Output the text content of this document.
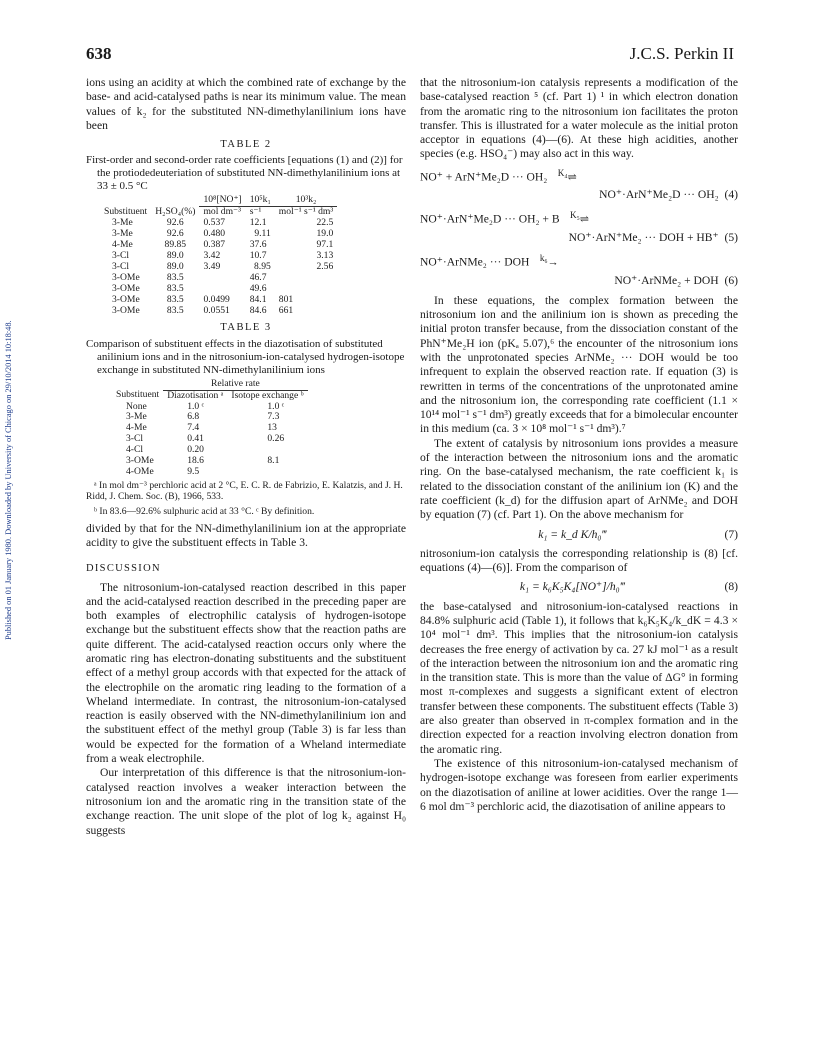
Published on 01 January 1980. Downloaded by University of Chicago on 29/10/2014 10:18:48.
638	J.C.S. Perkin II

ions using an acidity at which the combined rate of exchange by the base- and acid-catalysed paths is near its minimum value. The mean values of k₂ for the substituted NN-dimethylanilinium ions have been

TABLE 2

First-order and second-order rate coefficients [equations (1) and (2)] for the protiodedeuteriation of substituted NN-dimethylanilinium ions at 33 ± 0.5 °C

		10⁸[NO⁺]	10⁵k₁	10³k₂
Substituent	H₂SO₄(%)	mol dm⁻³	s⁻¹	mol⁻¹ s⁻¹ dm³
3-Me	92.6	0.537	12.1	22.5
3-Me	92.6	0.480	9.11	19.0
4-Me	89.85	0.387	37.6	97.1
3-Cl	89.0	3.42	10.7	3.13
3-Cl	89.0	3.49	8.95	2.56
3-OMe	83.5		46.7	
3-OMe	83.5		49.6	
3-OMe	83.5	0.0499	84.1	801
3-OMe	83.5	0.0551	84.6	661
TABLE 3

Comparison of substituent effects in the diazotisation of substituted anilinium ions and in the nitrosonium-ion-catalysed hydrogen-isotope exchange in substituted NN-dimethylanilinium ions

	Relative rate	
Substituent	Diazotisation ᵃ	Isotope exchange ᵇ
None	1.0 ᶜ	1.0 ᶜ
3-Me	6.8	7.3
4-Me	7.4	13
3-Cl	0.41	0.26
4-Cl	0.20	
3-OMe	18.6	8.1
4-OMe	9.5	

ᵃ In mol dm⁻³ perchloric acid at 2 °C, E. C. R. de Fabrizio, E. Kalatzis, and J. H. Ridd, J. Chem. Soc. (B), 1966, 533.

ᵇ In 83.6—92.6% sulphuric acid at 33 °C. ᶜ By definition.

divided by that for the NN-dimethylanilinium ion at the appropriate acidity to give the substituent effects in Table 3.

DISCUSSION

The nitrosonium-ion-catalysed reaction described in this paper and the acid-catalysed reaction described in the preceding paper are both examples of electrophilic catalysis of hydrogen-isotope exchange but the substituent effects show that the reaction paths are quite different. The acid-catalysed reaction occurs only where the aromatic ring has electron-donating substituents and the substituent effect of a methyl group accords with that expected for the attack of the electrophile on the aromatic ring leading to the formation of a Wheland intermediate. In contrast, the nitrosonium-ion-catalysed reaction is easily observed with the NN-dimethylanilinium ion and the substituent effect of the methyl group (Table 3) is far less than would be expected for the formation of a Wheland intermediate from a weak electrophile.

Our interpretation of this difference is that the nitrosonium-ion-catalysed reaction involves a weaker interaction between the nitrosonium ion and the aromatic ring in the transition state of the exchange reaction. The unit slope of the plot of log k₂ against H₀ suggests

that the nitrosonium-ion catalysis represents a modification of the base-catalysed reaction ⁵ (cf. Part 1) ¹ in which electron donation from the aromatic ring to the nitrosonium ion facilitates the proton transfer. This is illustrated for a water molecule as the initial proton acceptor in equations (4)—(6). At these high acidities, another species (e.g. HSO₄⁻) may also act in this way.

NO⁺ + ArN⁺Me₂D ··· OH₂ $^{K_4}$⇌
NO⁺·ArN⁺Me₂D ··· OH₂ (4)
NO⁺·ArN⁺Me₂D ··· OH₂ + B $^{K_5}$⇌
NO⁺·ArN⁺Me₂ ··· DOH + HB⁺ (5)
NO⁺·ArNMe₂ ··· DOH $^{k_6}$→
NO⁺·ArNMe₂ + DOH (6)

In these equations, the complex formation between the nitrosonium ion and the anilinium ion is shown as preceding the initial proton transfer because, from the dissociation constant of the PhN⁺Me₂H ion (pKₐ 5.07),⁶ the encounter of the nitrosonium ions with the unprotonated species ArNMe₂ ··· DOH would be too infrequent to explain the observed reaction rate. If equation (3) is rewritten in terms of the concentrations of the unprotonated amine and the nitrosonium ion, the corresponding rate coefficient (1.1 × 10¹⁴ mol⁻¹ s⁻¹ dm³) greatly exceeds that for a bimolecular encounter in this medium (ca. 3 × 10⁸ mol⁻¹ s⁻¹ dm³).⁷

The extent of catalysis by nitrosonium ions provides a measure of the interaction between the nitrosonium ions and the aromatic ring. On the base-catalysed mechanism, the rate coefficient k₁ is related to the dissociation constant of the anilinium ion (K) and the rate coefficient (k_d) for the diffusion apart of ArNMe₂ and DOH by equation (7) (cf. Part 1). On the above mechanism for

k₁ = k_d K/h₀‴	(7)

nitrosonium-ion catalysis the corresponding relationship is (8) [cf. equations (4)—(6)]. From the comparison of

k₁ = k₆K₅K₄[NO⁺]/h₀‴	(8)

the base-catalysed and nitrosonium-ion-catalysed reactions in 84.8% sulphuric acid (Table 1), it follows that k₆K₅K₄/k_dK = 4.3 × 10⁴ mol⁻¹ dm³. This implies that the nitrosonium-ion catalysis decreases the free energy of activation by ca. 27 kJ mol⁻¹ as a result of the interaction between the nitrosonium ion and the aromatic ring in the transition state. This is more than the value of ΔG° in forming most π-complexes and suggests a significant extent of electron transfer between these components. The substituent effects (Table 3) are also greater than observed in π-complex formation and in the direction expected for a reaction involving electron donation from the aromatic ring.

The existence of this nitrosonium-ion-catalysed mechanism of hydrogen-isotope exchange was foreseen from earlier experiments on the diazotisation of aniline at lower acidities. Over the range 1—6 mol dm⁻³ perchloric acid, the diazotisation of aniline appears to
